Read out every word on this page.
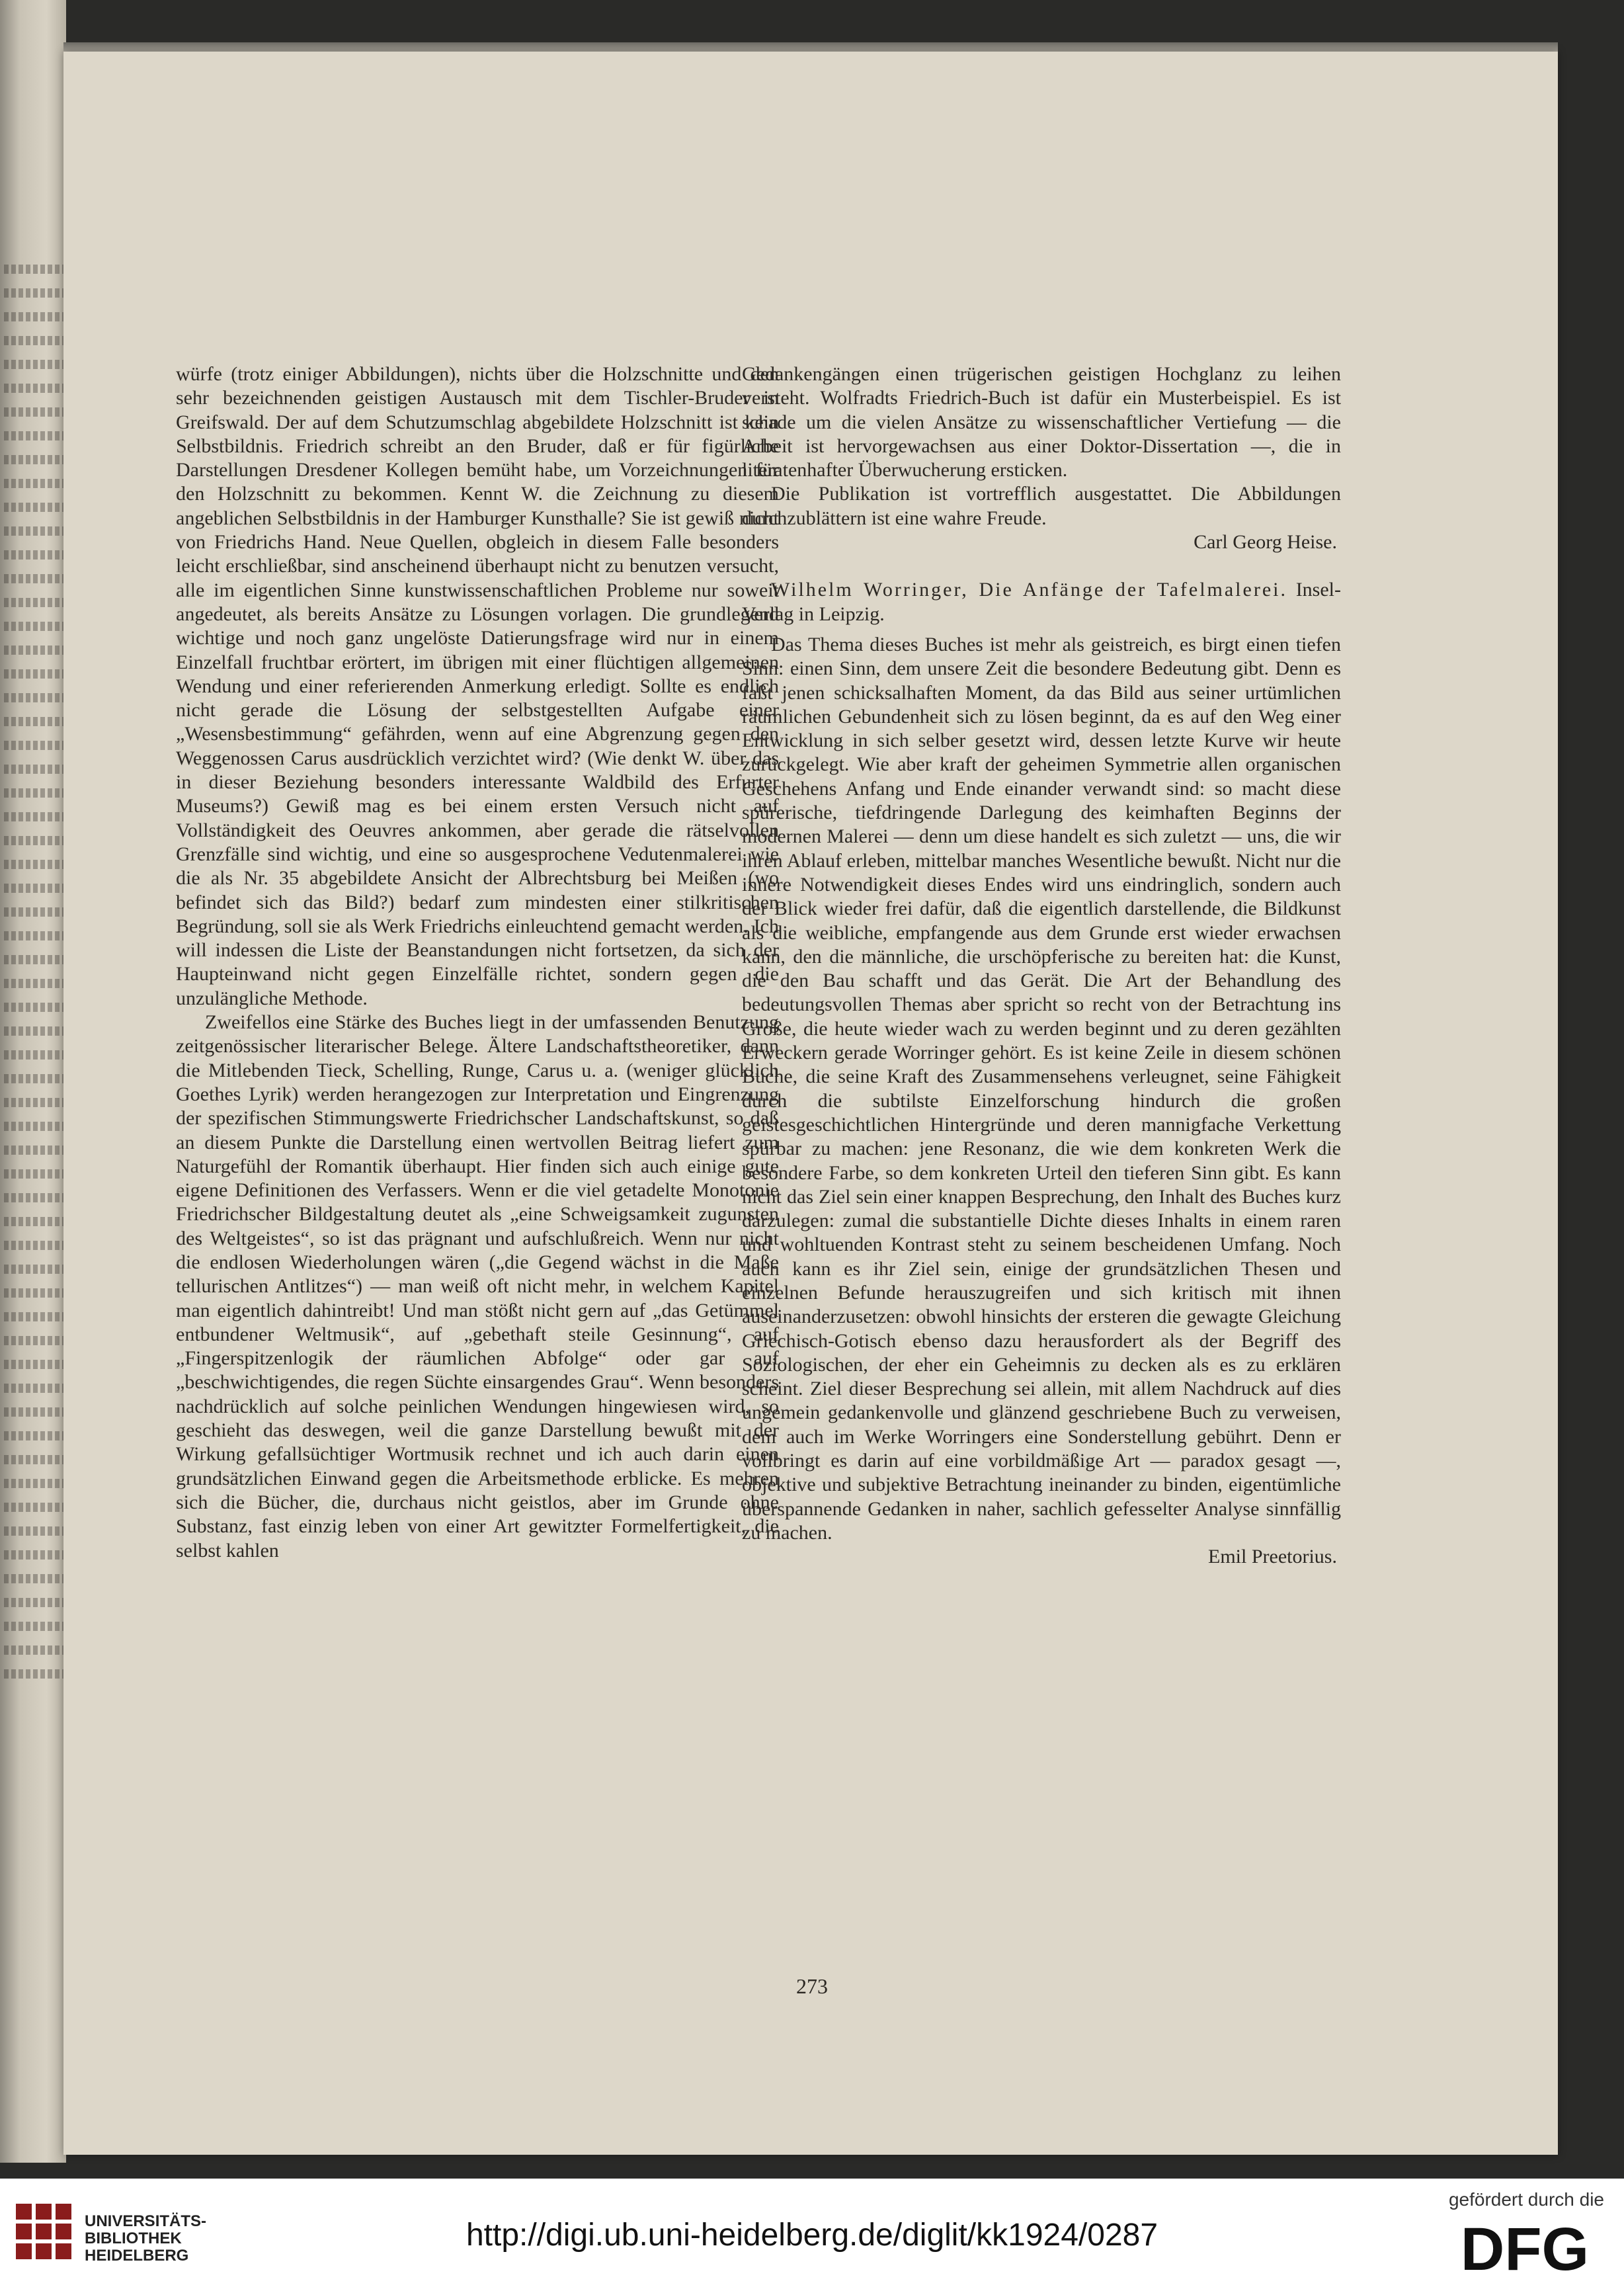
würfe (trotz einiger Abbildungen), nichts über die Holzschnitte und den sehr bezeichnenden geistigen Austausch mit dem Tischler-Bruder in Greifswald. Der auf dem Schutzumschlag abgebildete Holzschnitt ist kein Selbstbildnis. Friedrich schreibt an den Bruder, daß er für figürliche Darstellungen Dresdener Kollegen bemüht habe, um Vorzeichnungen für den Holzschnitt zu bekommen. Kennt W. die Zeichnung zu diesem angeblichen Selbstbildnis in der Hamburger Kunsthalle? Sie ist gewiß nicht von Friedrichs Hand. Neue Quellen, obgleich in diesem Falle besonders leicht erschließbar, sind anscheinend überhaupt nicht zu benutzen versucht, alle im eigentlichen Sinne kunstwissenschaftlichen Probleme nur soweit angedeutet, als bereits Ansätze zu Lösungen vorlagen. Die grundlegend wichtige und noch ganz ungelöste Datierungsfrage wird nur in einem Einzelfall fruchtbar erörtert, im übrigen mit einer flüchtigen allgemeinen Wendung und einer referierenden Anmerkung erledigt. Sollte es endlich nicht gerade die Lösung der selbstgestellten Aufgabe einer „Wesensbestimmung“ gefährden, wenn auf eine Abgrenzung gegen den Weggenossen Carus ausdrücklich verzichtet wird? (Wie denkt W. über das in dieser Beziehung besonders interessante Waldbild des Erfurter Museums?) Gewiß mag es bei einem ersten Versuch nicht auf Vollständigkeit des Oeuvres ankommen, aber gerade die rätselvollen Grenzfälle sind wichtig, und eine so ausgesprochene Vedutenmalerei wie die als Nr. 35 abgebildete Ansicht der Albrechtsburg bei Meißen (wo befindet sich das Bild?) bedarf zum mindesten einer stilkritischen Begründung, soll sie als Werk Friedrichs einleuchtend gemacht werden. Ich will indessen die Liste der Beanstandungen nicht fortsetzen, da sich der Haupteinwand nicht gegen Einzelfälle richtet, sondern gegen die unzulängliche Methode.

Zweifellos eine Stärke des Buches liegt in der umfassenden Benutzung zeitgenössischer literarischer Belege. Ältere Landschaftstheoretiker, dann die Mitlebenden Tieck, Schelling, Runge, Carus u. a. (weniger glücklich Goethes Lyrik) werden herangezogen zur Interpretation und Eingrenzung der spezifischen Stimmungswerte Friedrichscher Landschaftskunst, so daß an diesem Punkte die Darstellung einen wertvollen Beitrag liefert zum Naturgefühl der Romantik überhaupt. Hier finden sich auch einige gute eigene Definitionen des Verfassers. Wenn er die viel getadelte Monotonie Friedrichscher Bildgestaltung deutet als „eine Schweigsamkeit zugunsten des Weltgeistes“, so ist das prägnant und aufschlußreich. Wenn nur nicht die endlosen Wiederholungen wären („die Gegend wächst in die Maße tellurischen Antlitzes“) — man weiß oft nicht mehr, in welchem Kapitel man eigentlich dahintreibt! Und man stößt nicht gern auf „das Getümmel entbundener Weltmusik“, auf „gebethaft steile Gesinnung“, auf „Fingerspitzenlogik der räumlichen Abfolge“ oder gar auf „beschwichtigendes, die regen Süchte einsargendes Grau“. Wenn besonders nachdrücklich auf solche peinlichen Wendungen hingewiesen wird, so geschieht das deswegen, weil die ganze Darstellung bewußt mit der Wirkung gefallsüchtiger Wortmusik rechnet und ich auch darin einen grundsätzlichen Einwand gegen die Arbeitsmethode erblicke. Es mehren sich die Bücher, die, durchaus nicht geistlos, aber im Grunde ohne Substanz, fast einzig leben von einer Art gewitzter Formelfertigkeit, die selbst kahlen

Gedankengängen einen trügerischen geistigen Hochglanz zu leihen versteht. Wolfradts Friedrich-Buch ist dafür ein Musterbeispiel. Es ist schade um die vielen Ansätze zu wissenschaftlicher Vertiefung — die Arbeit ist hervorgewachsen aus einer Doktor-Dissertation —, die in literatenhafter Überwucherung ersticken.

Die Publikation ist vortrefflich ausgestattet. Die Abbildungen durchzublättern ist eine wahre Freude.

Carl Georg Heise.

Wilhelm Worringer, Die Anfänge der Tafelmalerei. Insel-Verlag in Leipzig.

Das Thema dieses Buches ist mehr als geistreich, es birgt einen tiefen Sinn: einen Sinn, dem unsere Zeit die besondere Bedeutung gibt. Denn es faßt jenen schicksalhaften Moment, da das Bild aus seiner urtümlichen räumlichen Gebundenheit sich zu lösen beginnt, da es auf den Weg einer Entwicklung in sich selber gesetzt wird, dessen letzte Kurve wir heute zurückgelegt. Wie aber kraft der geheimen Symmetrie allen organischen Geschehens Anfang und Ende einander verwandt sind: so macht diese spürerische, tiefdringende Darlegung des keimhaften Beginns der modernen Malerei — denn um diese handelt es sich zuletzt — uns, die wir ihren Ablauf erleben, mittelbar manches Wesentliche bewußt. Nicht nur die innere Notwendigkeit dieses Endes wird uns eindringlich, sondern auch der Blick wieder frei dafür, daß die eigentlich darstellende, die Bildkunst als die weibliche, empfangende aus dem Grunde erst wieder erwachsen kann, den die männliche, die urschöpferische zu bereiten hat: die Kunst, die den Bau schafft und das Gerät. Die Art der Behandlung des bedeutungsvollen Themas aber spricht so recht von der Betrachtung ins Große, die heute wieder wach zu werden beginnt und zu deren gezählten Erweckern gerade Worringer gehört. Es ist keine Zeile in diesem schönen Buche, die seine Kraft des Zusammensehens verleugnet, seine Fähigkeit durch die subtilste Einzelforschung hindurch die großen geistesgeschichtlichen Hintergründe und deren mannigfache Verkettung spürbar zu machen: jene Resonanz, die wie dem konkreten Werk die besondere Farbe, so dem konkreten Urteil den tieferen Sinn gibt. Es kann nicht das Ziel sein einer knappen Besprechung, den Inhalt des Buches kurz darzulegen: zumal die substantielle Dichte dieses Inhalts in einem raren und wohltuenden Kontrast steht zu seinem bescheidenen Umfang. Noch auch kann es ihr Ziel sein, einige der grundsätzlichen Thesen und einzelnen Befunde herauszugreifen und sich kritisch mit ihnen auseinanderzusetzen: obwohl hinsichts der ersteren die gewagte Gleichung Griechisch-Gotisch ebenso dazu herausfordert als der Begriff des Soziologischen, der eher ein Geheimnis zu decken als es zu erklären scheint. Ziel dieser Besprechung sei allein, mit allem Nachdruck auf dies ungemein gedankenvolle und glänzend geschriebene Buch zu verweisen, dem auch im Werke Worringers eine Sonderstellung gebührt. Denn er vollbringt es darin auf eine vorbildmäßige Art — paradox gesagt —, objektive und subjektive Betrachtung ineinander zu binden, eigentümliche überspannende Gedanken in naher, sachlich gefesselter Analyse sinnfällig zu machen.

Emil Preetorius.

273
UNIVERSITÄTS-
BIBLIOTHEK
HEIDELBERG
http://digi.ub.uni-heidelberg.de/diglit/kk1924/0287
gefördert durch die
DFG
